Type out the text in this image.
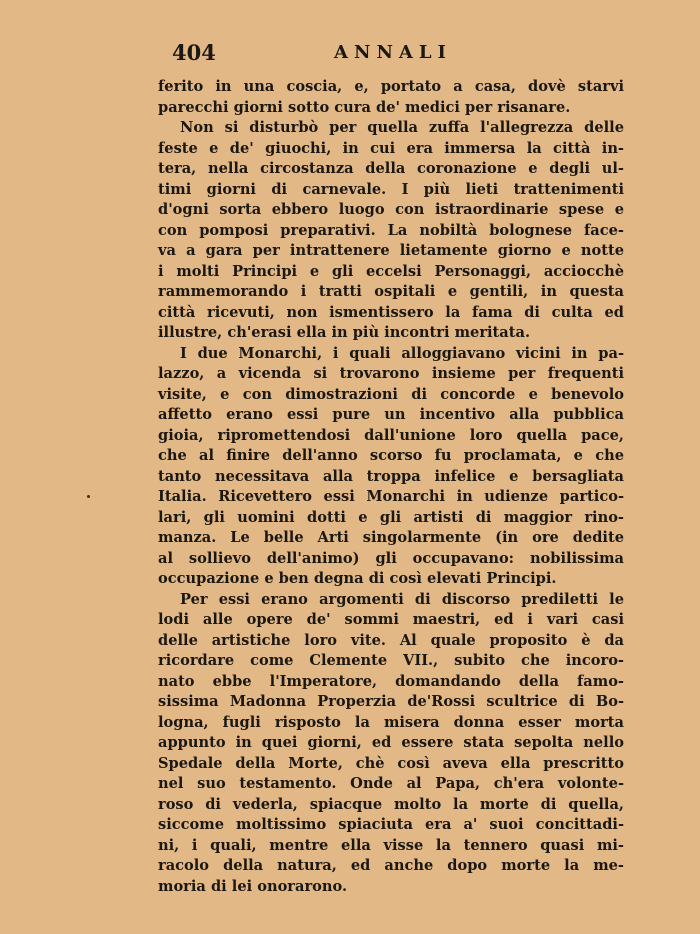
404	ANNALI
ferito in una coscia, e, portato a casa, dovè starvi
parecchi giorni sotto cura de' medici per risanare.
Non si disturbò per quella zuffa l'allegrezza delle
feste e de' giuochi, in cui era immersa la città in-
tera, nella circostanza della coronazione e degli ul-
timi giorni di carnevale. I più lieti trattenimenti
d'ogni sorta ebbero luogo con istraordinarie spese e
con pomposi preparativi. La nobiltà bolognese face-
va a gara per intrattenere lietamente giorno e notte
i molti Principi e gli eccelsi Personaggi, acciocchè
rammemorando i tratti ospitali e gentili, in questa
città ricevuti, non ismentissero la fama di culta ed
illustre, ch'erasi ella in più incontri meritata.
I due Monarchi, i quali alloggiavano vicini in pa-
lazzo, a vicenda si trovarono insieme per frequenti
visite, e con dimostrazioni di concorde e benevolo
affetto erano essi pure un incentivo alla pubblica
gioia, ripromettendosi dall'unione loro quella pace,
che al finire dell'anno scorso fu proclamata, e che
tanto necessitava alla troppa infelice e bersagliata
Italia. Ricevettero essi Monarchi in udienze partico-
lari, gli uomini dotti e gli artisti di maggior rino-
manza. Le belle Arti singolarmente (in ore dedite
al sollievo dell'animo) gli occupavano: nobilissima
occupazione e ben degna di così elevati Principi.
Per essi erano argomenti di discorso prediletti le
lodi alle opere de' sommi maestri, ed i vari casi
delle artistiche loro vite. Al quale proposito è da
ricordare come Clemente VII., subito che incoro-
nato ebbe l'Imperatore, domandando della famo-
sissima Madonna Properzia de'Rossi scultrice di Bo-
logna, fugli risposto la misera donna esser morta
appunto in quei giorni, ed essere stata sepolta nello
Spedale della Morte, chè così aveva ella prescritto
nel suo testamento. Onde al Papa, ch'era volonte-
roso di vederla, spiacque molto la morte di quella,
siccome moltissimo spiaciuta era a' suoi concittadi-
ni, i quali, mentre ella visse la tennero quasi mi-
racolo della natura, ed anche dopo morte la me-
moria di lei onorarono.
